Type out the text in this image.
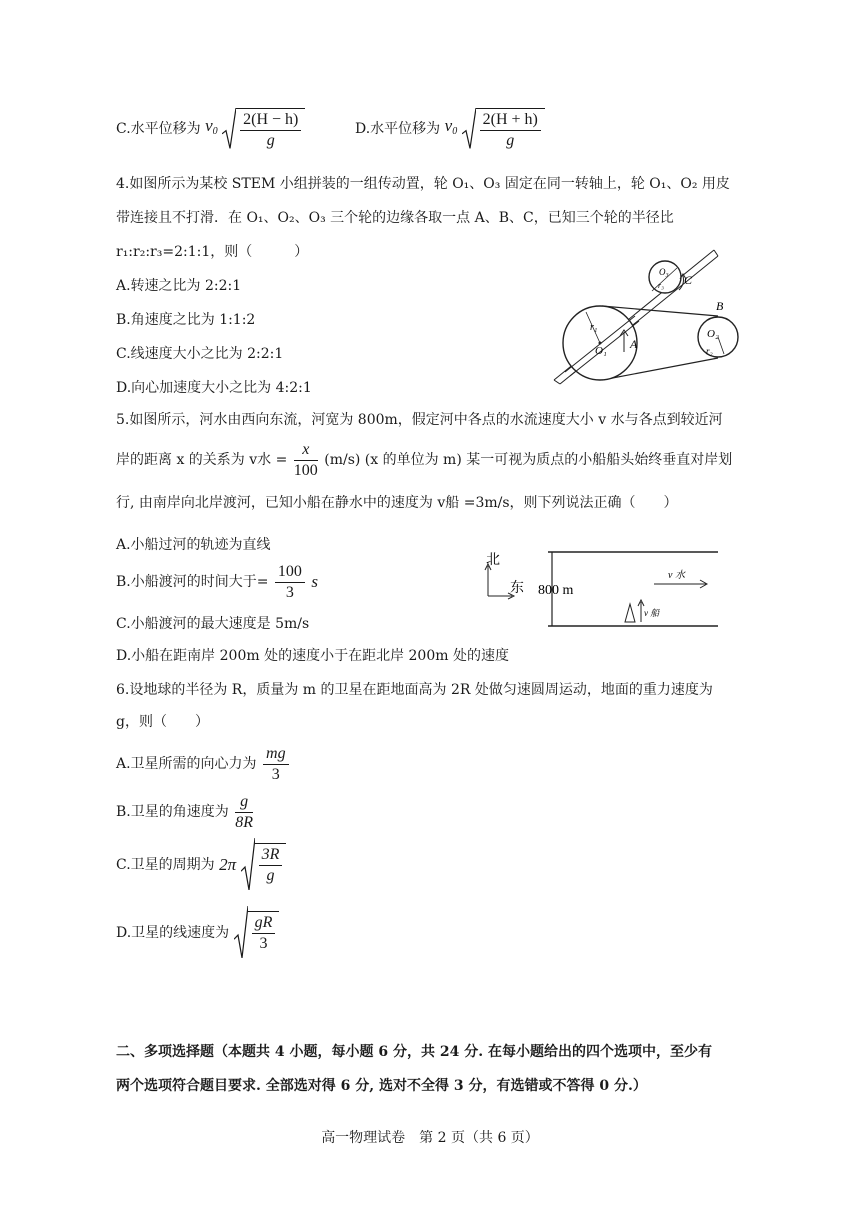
C.水平位移为 $v_0 \frac{2(H - h)}{g}$	D.水平位移为 $v_0 \frac{2(H + h)}{g}$
4.如图所示为某校 STEM 小组拼装的一组传动置，轮 O₁、O₃ 固定在同一转轴上，轮 O₁、O₂ 用皮
带连接且不打滑．在 O₁、O₂、O₃ 三个轮的边缘各取一点 A、B、C，已知三个轮的半径比
r₁:r₂:r₃=2:1:1，则（　　　）
A.转速之比为 2:2:1
B.角速度之比为 1:1:2
C.线速度大小之比为 2:2:1
D.向心加速度大小之比为 4:2:1
r₁
O₁ A
O₂
r₂
B
O₃
r₃ C
5.如图所示，河水由西向东流，河宽为 800m，假定河中各点的水流速度大小 v 水与各点到较近河
岸的距离 x 的关系为 v水 = $\frac{x}{100} (m/s)$ (x 的单位为 m) 某一可视为质点的小船船头始终垂直对岸划
行, 由南岸向北岸渡河，已知小船在静水中的速度为 v船 =3m/s，则下列说法正确（　　）
A.小船过河的轨迹为直线
B.小船渡河的时间大于= $\frac{100}{3}$ s
C.小船渡河的最大速度是 5m/s
D.小船在距南岸 200m 处的速度小于在距北岸 200m 处的速度
北
东 800 m
v 水
v 船
6.设地球的半径为 R，质量为 m 的卫星在距地面高为 2R 处做匀速圆周运动，地面的重力速度为
g，则（　　）
A.卫星所需的向心力为 $\frac{mg}{3}$
B.卫星的角速度为 $\frac{g}{8R}$
C.卫星的周期为 $2\pi \frac{3R}{g}$
D.卫星的线速度为 $\frac{gR}{3}$
二、多项选择题（本题共 4 小题，每小题 6 分，共 24 分. 在每小题给出的四个选项中，至少有
两个选项符合题目要求. 全部选对得 6 分, 选对不全得 3 分，有选错或不答得 0 分.）
高一物理试卷　第 2 页（共 6 页）
